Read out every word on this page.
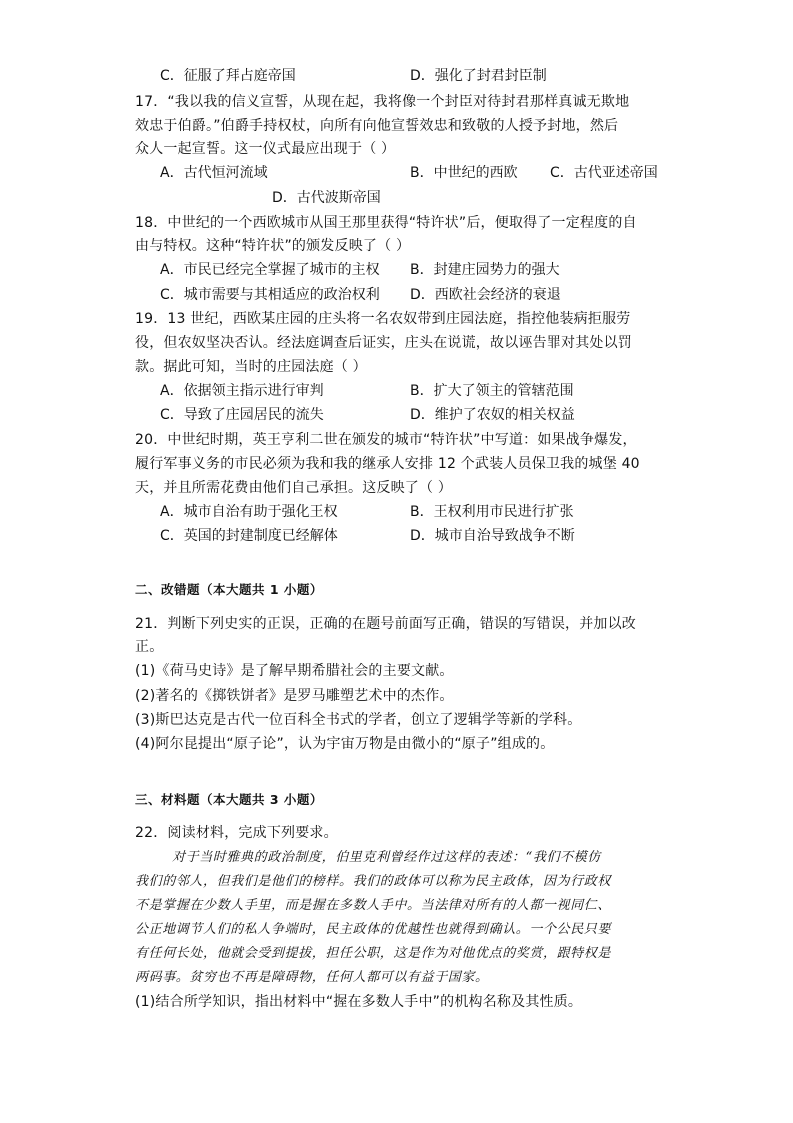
C．征服了拜占庭帝国	D．强化了封君封臣制
17．“我以我的信义宣誓，从现在起，我将像一个封臣对待封君那样真诚无欺地
效忠于伯爵。”伯爵手持权杖，向所有向他宣誓效忠和致敬的人授予封地，然后
众人一起宣誓。这一仪式最应出现于（ ）
A．古代恒河流域	B．中世纪的西欧 C．古代亚述帝国
D．古代波斯帝国
18．中世纪的一个西欧城市从国王那里获得“特许状”后，便取得了一定程度的自
由与特权。这种“特许状”的颁发反映了（ ）
A．市民已经完全掌握了城市的主权 B．封建庄园势力的强大
C．城市需要与其相适应的政治权利 D．西欧社会经济的衰退
19．13 世纪，西欧某庄园的庄头将一名农奴带到庄园法庭，指控他装病拒服劳
役，但农奴坚决否认。经法庭调查后证实，庄头在说谎，故以诬告罪对其处以罚
款。据此可知，当时的庄园法庭（ ）
A．依据领主指示进行审判	B．扩大了领主的管辖范围
C．导致了庄园居民的流失	D．维护了农奴的相关权益
20．中世纪时期，英王亨利二世在颁发的城市“特许状”中写道：如果战争爆发，
履行军事义务的市民必须为我和我的继承人安排 12 个武装人员保卫我的城堡 40
天，并且所需花费由他们自己承担。这反映了（ ）
A．城市自治有助于强化王权	B．王权利用市民进行扩张
C．英国的封建制度已经解体	D．城市自治导致战争不断
二、改错题（本大题共 1 小题）
21．判断下列史实的正误，正确的在题号前面写正确，错误的写错误，并加以改
正。
(1)《荷马史诗》是了解早期希腊社会的主要文献。
(2)著名的《掷铁饼者》是罗马雕塑艺术中的杰作。
(3)斯巴达克是古代一位百科全书式的学者，创立了逻辑学等新的学科。
(4)阿尔昆提出“原子论”，认为宇宙万物是由微小的“原子”组成的。
三、材料题（本大题共 3 小题）
22．阅读材料，完成下列要求。
对于当时雅典的政治制度，伯里克利曾经作过这样的表述：“我们不模仿
我们的邻人，但我们是他们的榜样。我们的政体可以称为民主政体，因为行政权
不是掌握在少数人手里，而是握在多数人手中。当法律对所有的人都一视同仁、
公正地调节人们的私人争端时，民主政体的优越性也就得到确认。一个公民只要
有任何长处，他就会受到提拔，担任公职，这是作为对他优点的奖赏，跟特权是
两码事。贫穷也不再是障碍物，任何人都可以有益于国家。
(1)结合所学知识，指出材料中“握在多数人手中”的机构名称及其性质。
